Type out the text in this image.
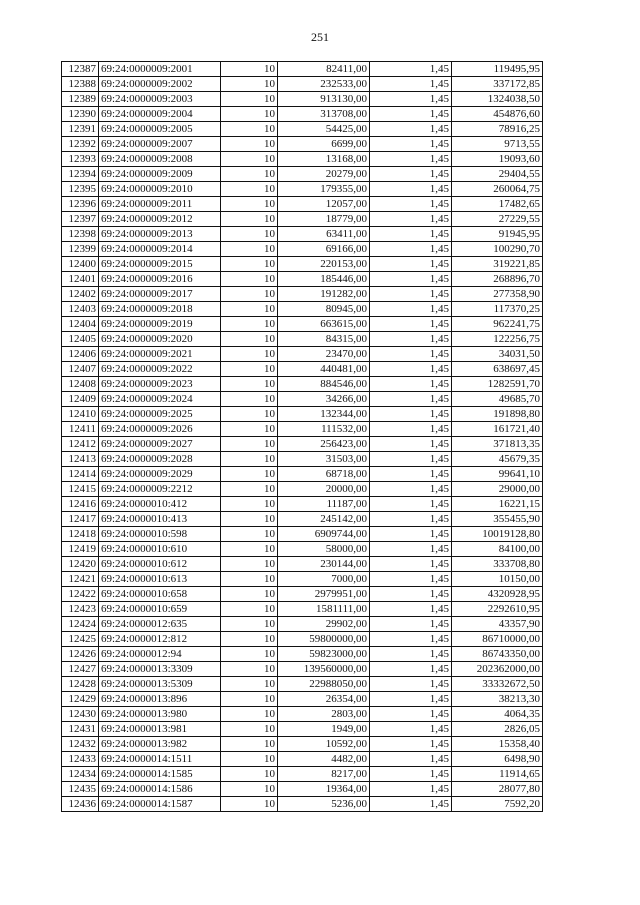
251
12387	69:24:0000009:2001	10	82411,00	1,45	119495,95
12388	69:24:0000009:2002	10	232533,00	1,45	337172,85
12389	69:24:0000009:2003	10	913130,00	1,45	1324038,50
12390	69:24:0000009:2004	10	313708,00	1,45	454876,60
12391	69:24:0000009:2005	10	54425,00	1,45	78916,25
12392	69:24:0000009:2007	10	6699,00	1,45	9713,55
12393	69:24:0000009:2008	10	13168,00	1,45	19093,60
12394	69:24:0000009:2009	10	20279,00	1,45	29404,55
12395	69:24:0000009:2010	10	179355,00	1,45	260064,75
12396	69:24:0000009:2011	10	12057,00	1,45	17482,65
12397	69:24:0000009:2012	10	18779,00	1,45	27229,55
12398	69:24:0000009:2013	10	63411,00	1,45	91945,95
12399	69:24:0000009:2014	10	69166,00	1,45	100290,70
12400	69:24:0000009:2015	10	220153,00	1,45	319221,85
12401	69:24:0000009:2016	10	185446,00	1,45	268896,70
12402	69:24:0000009:2017	10	191282,00	1,45	277358,90
12403	69:24:0000009:2018	10	80945,00	1,45	117370,25
12404	69:24:0000009:2019	10	663615,00	1,45	962241,75
12405	69:24:0000009:2020	10	84315,00	1,45	122256,75
12406	69:24:0000009:2021	10	23470,00	1,45	34031,50
12407	69:24:0000009:2022	10	440481,00	1,45	638697,45
12408	69:24:0000009:2023	10	884546,00	1,45	1282591,70
12409	69:24:0000009:2024	10	34266,00	1,45	49685,70
12410	69:24:0000009:2025	10	132344,00	1,45	191898,80
12411	69:24:0000009:2026	10	111532,00	1,45	161721,40
12412	69:24:0000009:2027	10	256423,00	1,45	371813,35
12413	69:24:0000009:2028	10	31503,00	1,45	45679,35
12414	69:24:0000009:2029	10	68718,00	1,45	99641,10
12415	69:24:0000009:2212	10	20000,00	1,45	29000,00
12416	69:24:0000010:412	10	11187,00	1,45	16221,15
12417	69:24:0000010:413	10	245142,00	1,45	355455,90
12418	69:24:0000010:598	10	6909744,00	1,45	10019128,80
12419	69:24:0000010:610	10	58000,00	1,45	84100,00
12420	69:24:0000010:612	10	230144,00	1,45	333708,80
12421	69:24:0000010:613	10	7000,00	1,45	10150,00
12422	69:24:0000010:658	10	2979951,00	1,45	4320928,95
12423	69:24:0000010:659	10	1581111,00	1,45	2292610,95
12424	69:24:0000012:635	10	29902,00	1,45	43357,90
12425	69:24:0000012:812	10	59800000,00	1,45	86710000,00
12426	69:24:0000012:94	10	59823000,00	1,45	86743350,00
12427	69:24:0000013:3309	10	139560000,00	1,45	202362000,00
12428	69:24:0000013:5309	10	22988050,00	1,45	33332672,50
12429	69:24:0000013:896	10	26354,00	1,45	38213,30
12430	69:24:0000013:980	10	2803,00	1,45	4064,35
12431	69:24:0000013:981	10	1949,00	1,45	2826,05
12432	69:24:0000013:982	10	10592,00	1,45	15358,40
12433	69:24:0000014:1511	10	4482,00	1,45	6498,90
12434	69:24:0000014:1585	10	8217,00	1,45	11914,65
12435	69:24:0000014:1586	10	19364,00	1,45	28077,80
12436	69:24:0000014:1587	10	5236,00	1,45	7592,20
